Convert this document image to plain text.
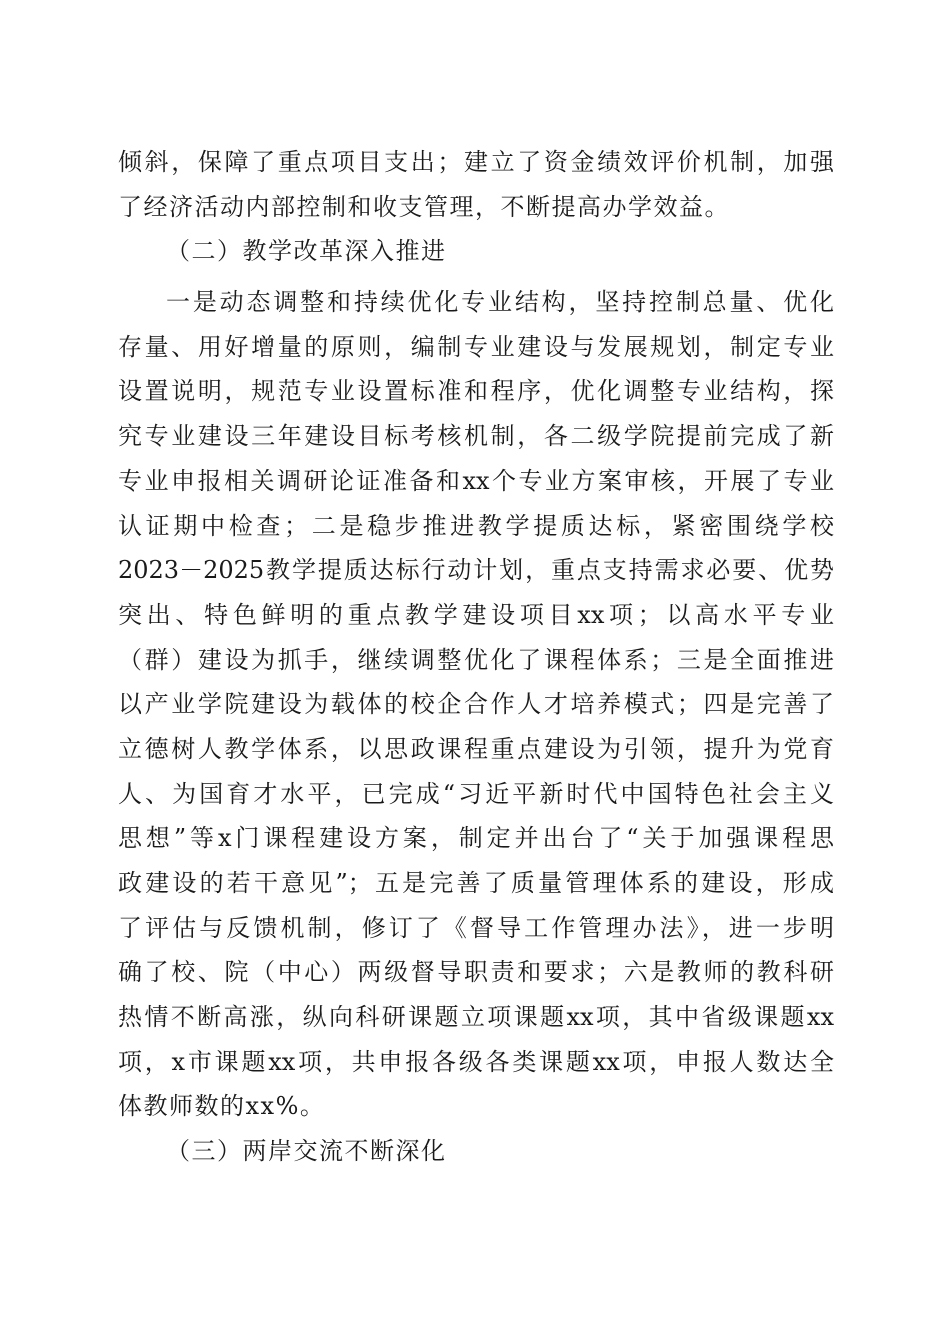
倾斜，保障了重点项目支出；建立了资金绩效评价机制，加强
了经济活动内部控制和收支管理，不断提高办学效益。
（二）教学改革深入推进
一是动态调整和持续优化专业结构，坚持控制总量、优化
存量、用好增量的原则，编制专业建设与发展规划，制定专业
设置说明，规范专业设置标准和程序，优化调整专业结构，探
究专业建设三年建设目标考核机制，各二级学院提前完成了新
专业申报相关调研论证准备和xx个专业方案审核，开展了专业
认证期中检查；二是稳步推进教学提质达标，紧密围绕学校
2023－2025教学提质达标行动计划，重点支持需求必要、优势
突出、特色鲜明的重点教学建设项目xx项；以高水平专业
（群）建设为抓手，继续调整优化了课程体系；三是全面推进
以产业学院建设为载体的校企合作人才培养模式；四是完善了
立德树人教学体系，以思政课程重点建设为引领，提升为党育
人、为国育才水平，已完成“习近平新时代中国特色社会主义
思想”等x门课程建设方案，制定并出台了“关于加强课程思
政建设的若干意见”；五是完善了质量管理体系的建设，形成
了评估与反馈机制，修订了《督导工作管理办法》，进一步明
确了校、院（中心）两级督导职责和要求；六是教师的教科研
热情不断高涨，纵向科研课题立项课题xx项，其中省级课题xx
项，x市课题xx项，共申报各级各类课题xx项，申报人数达全
体教师数的xx%。
（三）两岸交流不断深化
